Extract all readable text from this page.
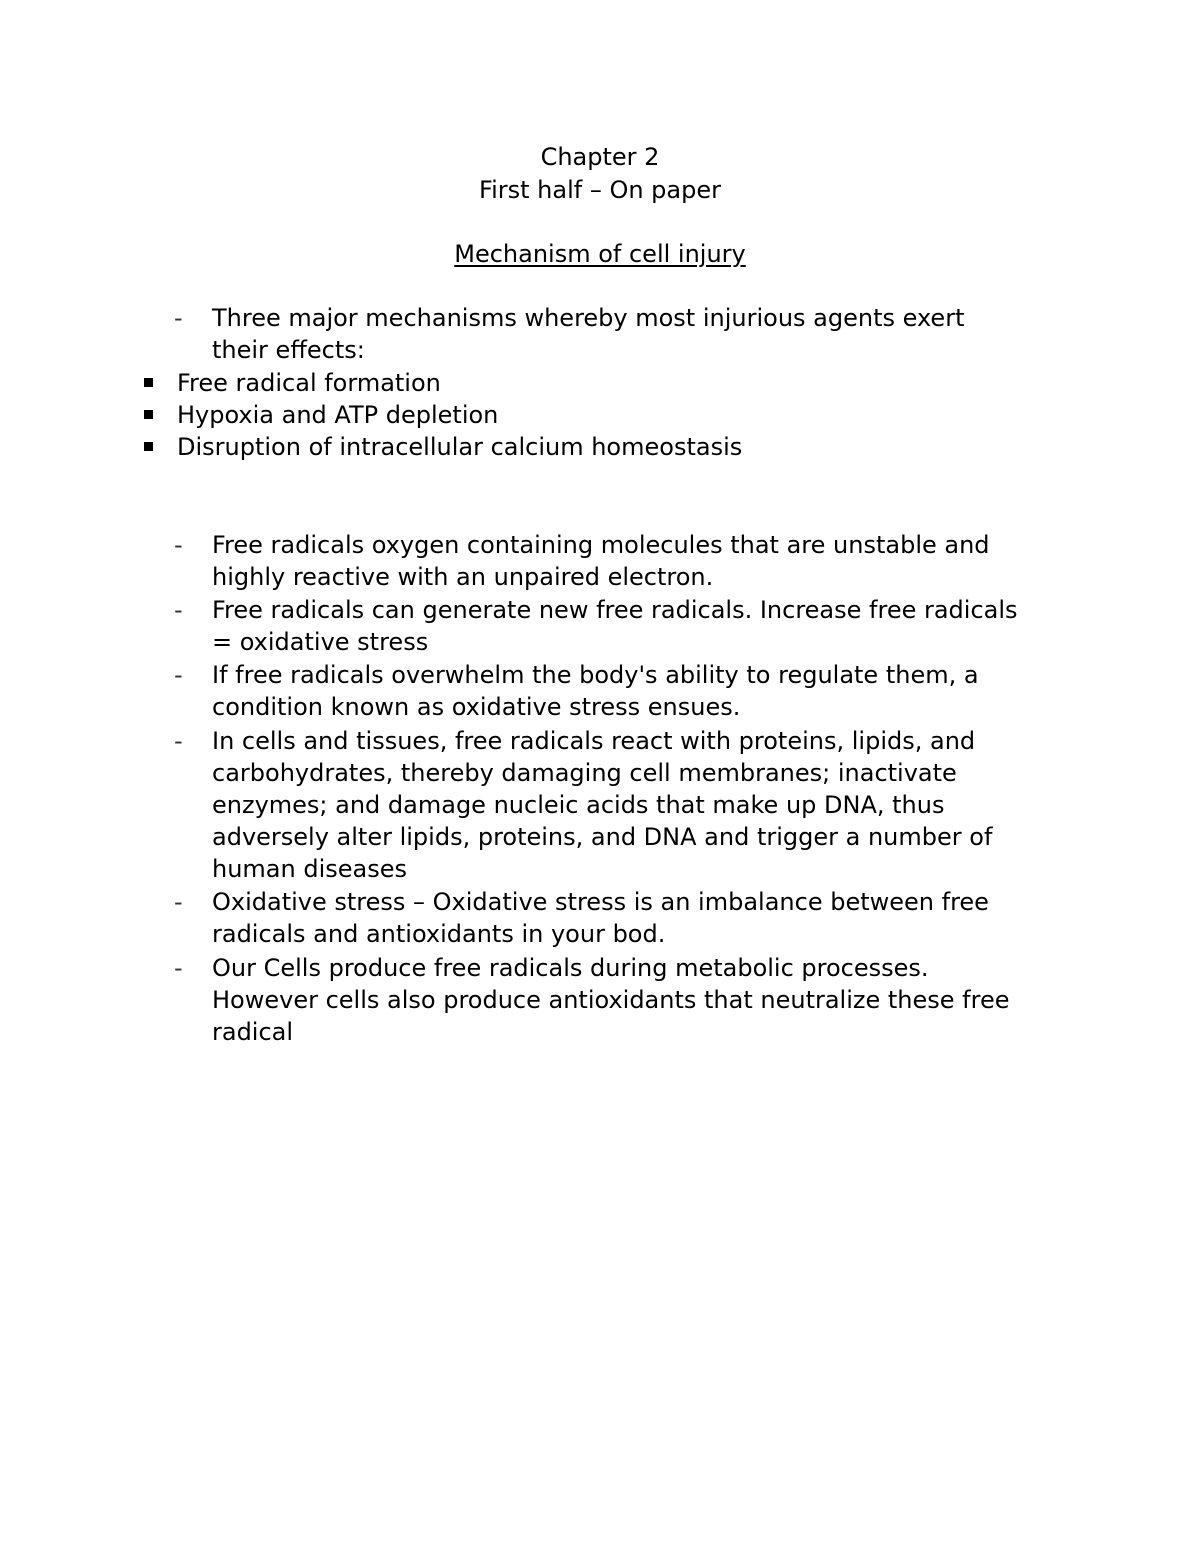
Chapter 2
First half – On paper
Mechanism of cell injury
-	Three major mechanisms whereby most injurious agents exert their effects:
Free radical formation
Hypoxia and ATP depletion
Disruption of intracellular calcium homeostasis
-	Free radicals oxygen containing molecules that are unstable and highly reactive with an unpaired electron.
-	Free radicals can generate new free radicals. Increase free radicals = oxidative stress
-	If free radicals overwhelm the body's ability to regulate them, a condition known as oxidative stress ensues.
-	In cells and tissues, free radicals react with proteins, lipids, and carbohydrates, thereby damaging cell membranes; inactivate enzymes; and damage nucleic acids that make up DNA, thus adversely alter lipids, proteins, and DNA and trigger a number of human diseases
-	Oxidative stress – Oxidative stress is an imbalance between free radicals and antioxidants in your bod.
-	Our Cells produce free radicals during metabolic processes. However cells also produce antioxidants that neutralize these free radical
